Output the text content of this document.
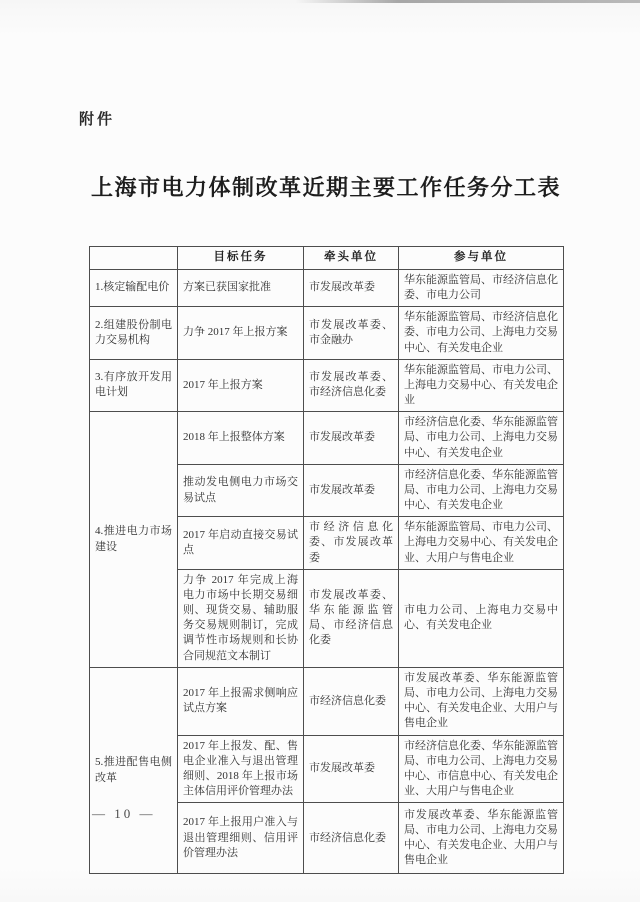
附件
上海市电力体制改革近期主要工作任务分工表
	目标任务	牵头单位	参与单位
1.核定输配电价	方案已获国家批准	市发展改革委	华东能源监管局、市经济信息化委、市电力公司
2.组建股份制电力交易机构	力争 2017 年上报方案	市发展改革委、市金融办	华东能源监管局、市经济信息化委、市电力公司、上海电力交易中心、有关发电企业
3.有序放开发用电计划	2017 年上报方案	市发展改革委、市经济信息化委	华东能源监管局、市电力公司、上海电力交易中心、有关发电企业
4.推进电力市场建设	2018 年上报整体方案	市发展改革委	市经济信息化委、华东能源监管局、市电力公司、上海电力交易中心、有关发电企业
	推动发电侧电力市场交易试点	市发展改革委	市经济信息化委、华东能源监管局、市电力公司、上海电力交易中心、有关发电企业
	2017 年启动直接交易试点	市经济信息化委、市发展改革委	华东能源监管局、市电力公司、上海电力交易中心、有关发电企业、大用户与售电企业
	力争 2017 年完成上海电力市场中长期交易细则、现货交易、辅助服务交易规则制订，完成调节性市场规则和长协合同规范文本制订	市发展改革委、华东能源监管局、市经济信息化委	市电力公司、上海电力交易中心、有关发电企业
5.推进配售电侧改革	2017 年上报需求侧响应试点方案	市经济信息化委	市发展改革委、华东能源监管局、市电力公司、上海电力交易中心、有关发电企业、大用户与售电企业
	2017 年上报发、配、售电企业准入与退出管理细则、2018 年上报市场主体信用评价管理办法	市发展改革委	市经济信息化委、华东能源监管局、市电力公司、上海电力交易中心、市信息中心、有关发电企业、大用户与售电企业
	2017 年上报用户准入与退出管理细则、信用评价管理办法	市经济信息化委	市发展改革委、华东能源监管局、市电力公司、上海电力交易中心、有关发电企业、大用户与售电企业
— 10 —
